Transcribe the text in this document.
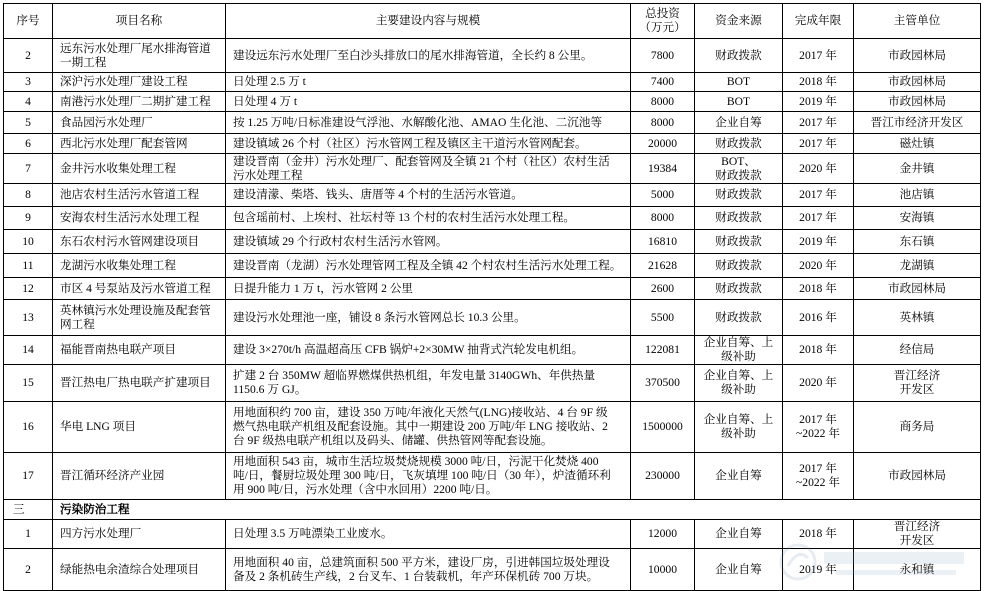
序号	项目名称	主要建设内容与规模	总投资
（万元）	资金来源	完成年限	主管单位
2	远东污水处理厂尾水排海管道
一期工程	建设远东污水处理厂至白沙头排放口的尾水排海管道，全长约 8 公里。	7800	财政拨款	2017 年	市政园林局
3	深沪污水处理厂建设工程	日处理 2.5 万 t	7400	BOT	2018 年	市政园林局
4	南港污水处理厂二期扩建工程	日处理 4 万 t	8000	BOT	2019 年	市政园林局
5	食品园污水处理厂	按 1.25 万吨/日标准建设气浮池、水解酸化池、AMAO 生化池、二沉池等	8000	企业自筹	2017 年	晋江市经济开发区
6	西北污水处理厂配套管网	建设镇域 26 个村（社区）污水管网工程及镇区主干道污水管网配套。	20000	财政拨款	2017 年	磁灶镇
7	金井污水收集处理工程	建设晋南（金井）污水处理厂、配套管网及全镇 21 个村（社区）农村生活
污水处理工程	19384	BOT、
财政拨款	2020 年	金井镇
8	池店农村生活污水管道工程	建设清濛、柴塔、钱头、唐厝等 4 个村的生活污水管道。	5000	财政拨款	2017 年	池店镇
9	安海农村生活污水处理工程	包含瑶前村、上埃村、社坛村等 13 个村的农村生活污水处理工程。	8000	财政拨款	2017 年	安海镇
10	东石农村污水管网建设项目	建设镇域 29 个行政村农村生活污水管网。	16810	财政拨款	2019 年	东石镇
11	龙湖污水收集处理工程	建设晋南（龙湖）污水处理管网工程及全镇 42 个村农村生活污水处理工程。	21628	财政拨款	2020 年	龙湖镇
12	市区 4 号泵站及污水管道工程	日提升能力 1 万 t，污水管网 2 公里	2600	财政拨款	2018 年	市政园林局
13	英林镇污水处理设施及配套管
网工程	建设污水处理池一座，铺设 8 条污水管网总长 10.3 公里。	5500	财政拨款	2016 年	英林镇
14	福能晋南热电联产项目	建设 3×270t/h 高温超高压 CFB 锅炉+2×30MW 抽背式汽轮发电机组。	122081	企业自筹、上
级补助	2018 年	经信局
15	晋江热电厂热电联产扩建项目	扩建 2 台 350MW 超临界燃煤供热机组，年发电量 3140GWh、年供热量
1150.6 万 GJ。	370500	企业自筹、上
级补助	2020 年	晋江经济
开发区
16	华电 LNG 项目	用地面积约 700 亩，建设 350 万吨/年液化天然气(LNG)接收站、4 台 9F 级
燃气热电联产机组及配套设施。其中一期建设 200 万吨/年 LNG 接收站、2
台 9F 级热电联产机组以及码头、储罐、供热管网等配套设施。	1500000	企业自筹、上
级补助	2017 年
~2022 年	商务局
17	晋江循环经济产业园	用地面积 543 亩，城市生活垃圾焚烧规模 3000 吨/日，污泥干化焚烧 400
吨/日，餐厨垃圾处理 300 吨/日，飞灰填埋 100 吨/日（30 年），炉渣循环利
用 900 吨/日，污水处理（含中水回用）2200 吨/日。	230000	企业自筹	2017 年
~2022 年	市政园林局
三	污染防治工程					
1	四方污水处理厂	日处理 3.5 万吨漂染工业废水。	12000	企业自筹	2018 年	晋江经济
开发区
2	绿能热电余渣综合处理项目	用地面积 40 亩，总建筑面积 500 平方米，建设厂房，引进韩国垃圾处理设
备及 2 条机砖生产线，2 台叉车、1 台装载机，年产环保机砖 700 万块。	10000	企业自筹	2019 年	永和镇
